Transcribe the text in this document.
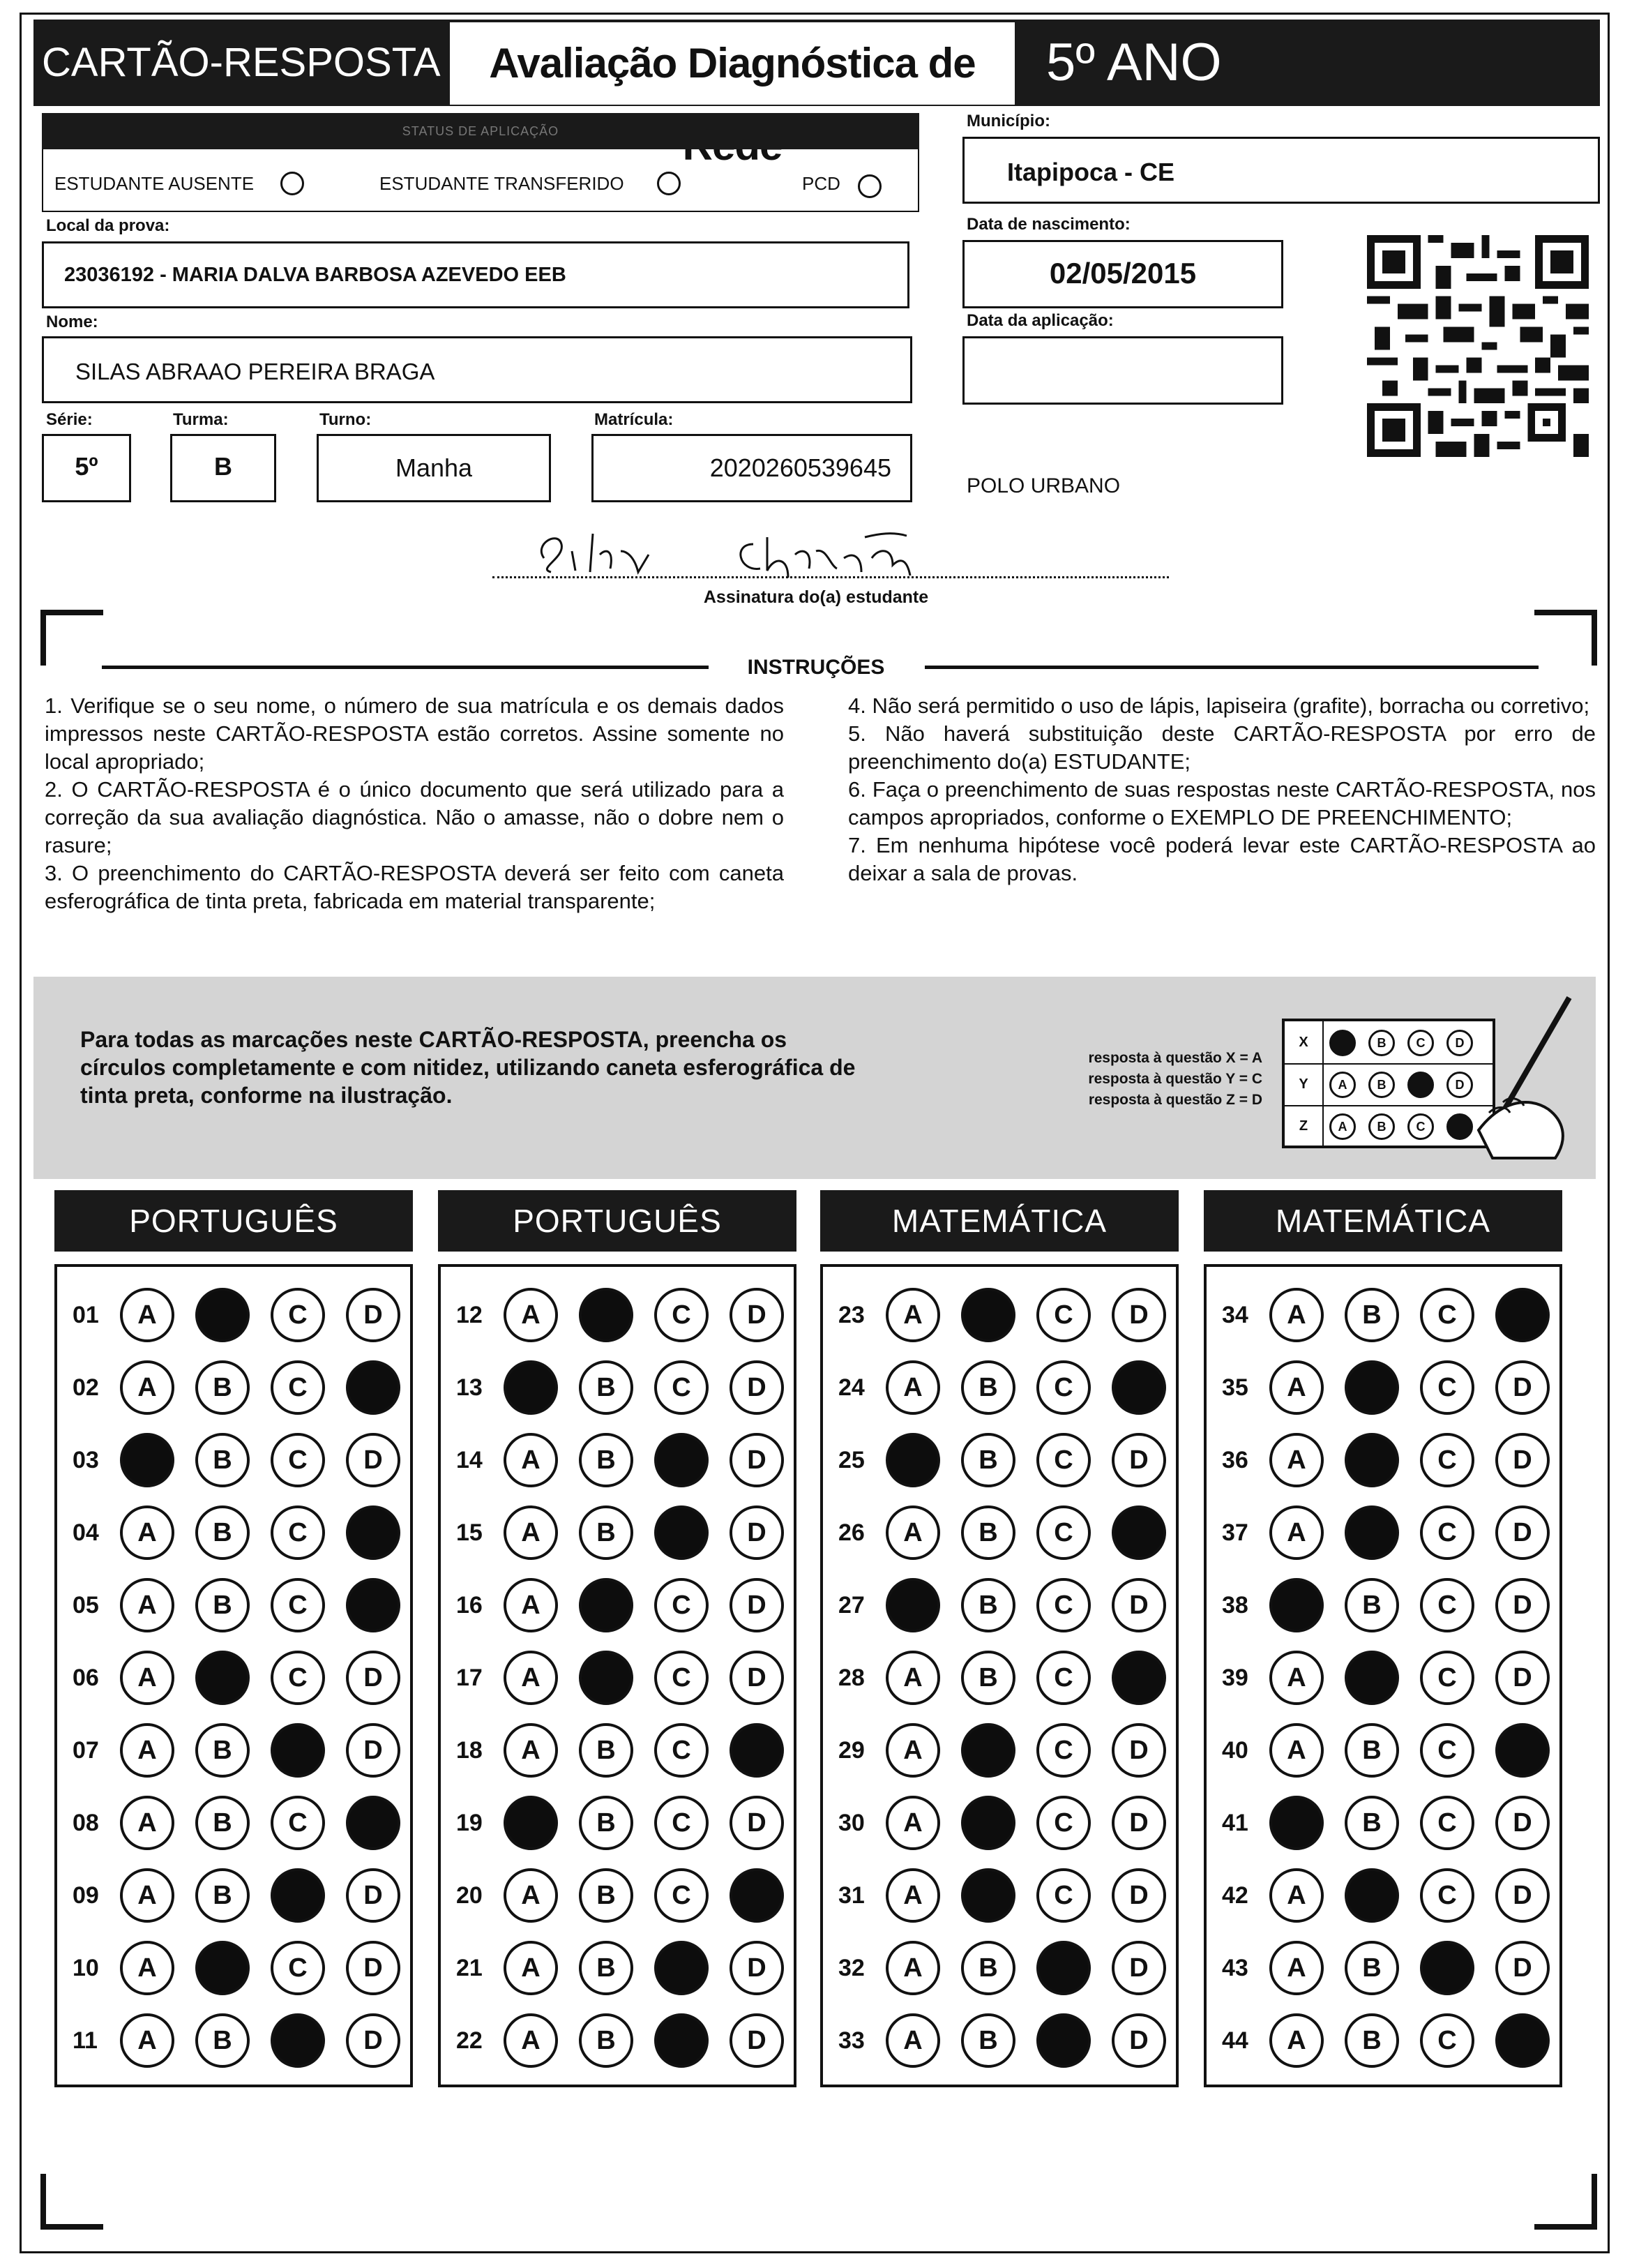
CARTÃO-RESPOSTA	Avaliação Diagnóstica de	5º ANO
STATUS DE APLICAÇÃO
ESTUDANTE AUSENTE	ESTUDANTE TRANSFERIDO	PCD
Município:
Itapipoca - CE
Local da prova:
23036192 - MARIA DALVA BARBOSA AZEVEDO EEB
Data de nascimento:
02/05/2015
Nome:
SILAS ABRAAO PEREIRA BRAGA
Data da aplicação:
Série:
5º
Turma:
B
Turno:
Manha
Matrícula:
2020260539645
POLO URBANO
Assinatura do(a) estudante
INSTRUÇÕES

1. Verifique se o seu nome, o número de sua matrícula e os demais dados impressos neste CARTÃO-RESPOSTA estão corretos. Assine somente no local apropriado;

2. O CARTÃO-RESPOSTA é o único documento que será utilizado para a correção da sua avaliação diagnóstica. Não o amasse, não o dobre nem o rasure;

3. O preenchimento do CARTÃO-RESPOSTA deverá ser feito com caneta esferográfica de tinta preta, fabricada em material transparente;

4. Não será permitido o uso de lápis, lapiseira (grafite), borracha ou corretivo;

5. Não haverá substituição deste CARTÃO-RESPOSTA por erro de preenchimento do(a) ESTUDANTE;

6. Faça o preenchimento de suas respostas neste CARTÃO-RESPOSTA, nos campos apropriados, conforme o EXEMPLO DE PREENCHIMENTO;

7. Em nenhuma hipótese você poderá levar este CARTÃO-RESPOSTA ao deixar a sala de provas.

Para todas as marcações neste CARTÃO-RESPOSTA, preencha os círculos completamente e com nitidez, utilizando caneta esferográfica de tinta preta, conforme na ilustração.
resposta à questão X = A
resposta à questão Y = C
resposta à questão Z = D
X	B	C	D
Y	A	B	D
Z	A	B	C
PORTUGUÊS
01	A	C	D
02	A	B	C
03	B	C	D
04	A	B	C
05	A	B	C
06	A	C	D
07	A	B	D
08	A	B	C
09	A	B	D
10	A	C	D
11	A	B	D
PORTUGUÊS
12	A	C	D
13	B	C	D
14	A	B	D
15	A	B	D
16	A	C	D
17	A	C	D
18	A	B	C
19	B	C	D
20	A	B	C
21	A	B	D
22	A	B	D
MATEMÁTICA
23	A	C	D
24	A	B	C
25	B	C	D
26	A	B	C
27	B	C	D
28	A	B	C
29	A	C	D
30	A	C	D
31	A	C	D
32	A	B	D
33	A	B	D
MATEMÁTICA
34	A	B	C
35	A	C	D
36	A	C	D
37	A	C	D
38	B	C	D
39	A	C	D
40	A	B	C
41	B	C	D
42	A	C	D
43	A	B	D
44	A	B	C
